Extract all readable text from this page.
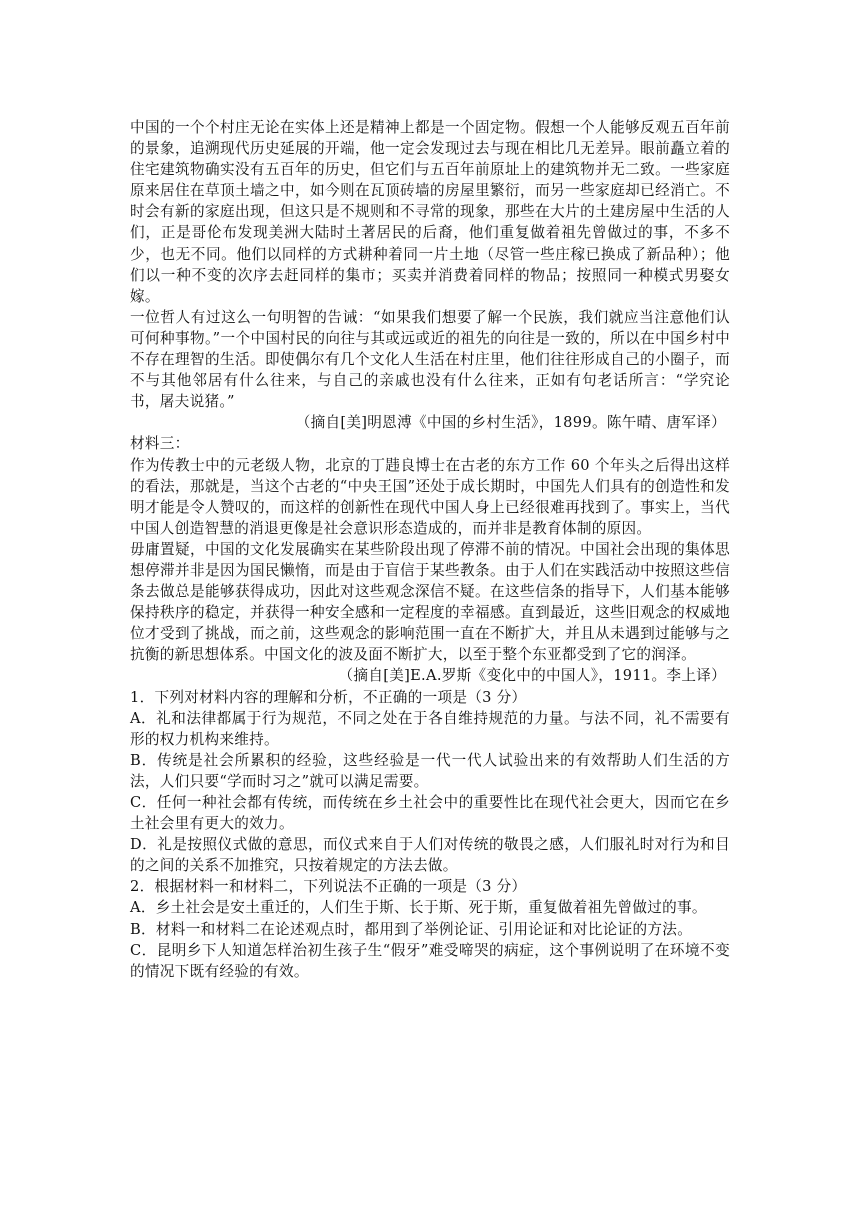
中国的一个个村庄无论在实体上还是精神上都是一个固定物。假想一个人能够反观五百年前的景象，追溯现代历史延展的开端，他一定会发现过去与现在相比几无差异。眼前矗立着的住宅建筑物确实没有五百年的历史，但它们与五百年前原址上的建筑物并无二致。一些家庭原来居住在草顶土墙之中，如今则在瓦顶砖墙的房屋里繁衍，而另一些家庭却已经消亡。不时会有新的家庭出现，但这只是不规则和不寻常的现象，那些在大片的土建房屋中生活的人们，正是哥伦布发现美洲大陆时土著居民的后裔，他们重复做着祖先曾做过的事，不多不少，也无不同。他们以同样的方式耕种着同一片土地（尽管一些庄稼已换成了新品种）；他们以一种不变的次序去赶同样的集市；买卖并消费着同样的物品；按照同一种模式男娶女嫁。

一位哲人有过这么一句明智的告诫：“如果我们想要了解一个民族，我们就应当注意他们认可何种事物。”一个中国村民的向往与其或远或近的祖先的向往是一致的，所以在中国乡村中不存在理智的生活。即使偶尔有几个文化人生活在村庄里，他们往往形成自己的小圈子，而不与其他邻居有什么往来，与自己的亲戚也没有什么往来，正如有句老话所言：“学究论书，屠夫说猪。”

（摘自[美]明恩溥《中国的乡村生活》，1899。陈午晴、唐军译）

材料三：

作为传教士中的元老级人物，北京的丁韪良博士在古老的东方工作 60 个年头之后得出这样的看法，那就是，当这个古老的“中央王国”还处于成长期时，中国先人们具有的创造性和发明才能是令人赞叹的，而这样的创新性在现代中国人身上已经很难再找到了。事实上，当代中国人创造智慧的消退更像是社会意识形态造成的，而并非是教育体制的原因。

毋庸置疑，中国的文化发展确实在某些阶段出现了停滞不前的情况。中国社会出现的集体思想停滞并非是因为国民懒惰，而是由于盲信于某些教条。由于人们在实践活动中按照这些信条去做总是能够获得成功，因此对这些观念深信不疑。在这些信条的指导下，人们基本能够保持秩序的稳定，并获得一种安全感和一定程度的幸福感。直到最近，这些旧观念的权威地位才受到了挑战，而之前，这些观念的影响范围一直在不断扩大，并且从未遇到过能够与之抗衡的新思想体系。中国文化的波及面不断扩大，以至于整个东亚都受到了它的润泽。

（摘自[美]E.A.罗斯《变化中的中国人》，1911。李上译）

1．下列对材料内容的理解和分析，不正确的一项是（3 分）

A．礼和法律都属于行为规范，不同之处在于各自维持规范的力量。与法不同，礼不需要有形的权力机构来维持。

B．传统是社会所累积的经验，这些经验是一代一代人试验出来的有效帮助人们生活的方法，人们只要“学而时习之”就可以满足需要。

C．任何一种社会都有传统，而传统在乡土社会中的重要性比在现代社会更大，因而它在乡土社会里有更大的效力。

D．礼是按照仪式做的意思，而仪式来自于人们对传统的敬畏之感，人们服礼时对行为和目的之间的关系不加推究，只按着规定的方法去做。

2．根据材料一和材料二，下列说法不正确的一项是（3 分）

A．乡土社会是安土重迁的，人们生于斯、长于斯、死于斯，重复做着祖先曾做过的事。

B．材料一和材料二在论述观点时，都用到了举例论证、引用论证和对比论证的方法。

C．昆明乡下人知道怎样治初生孩子生“假牙”难受啼哭的病症，这个事例说明了在环境不变的情况下既有经验的有效。
